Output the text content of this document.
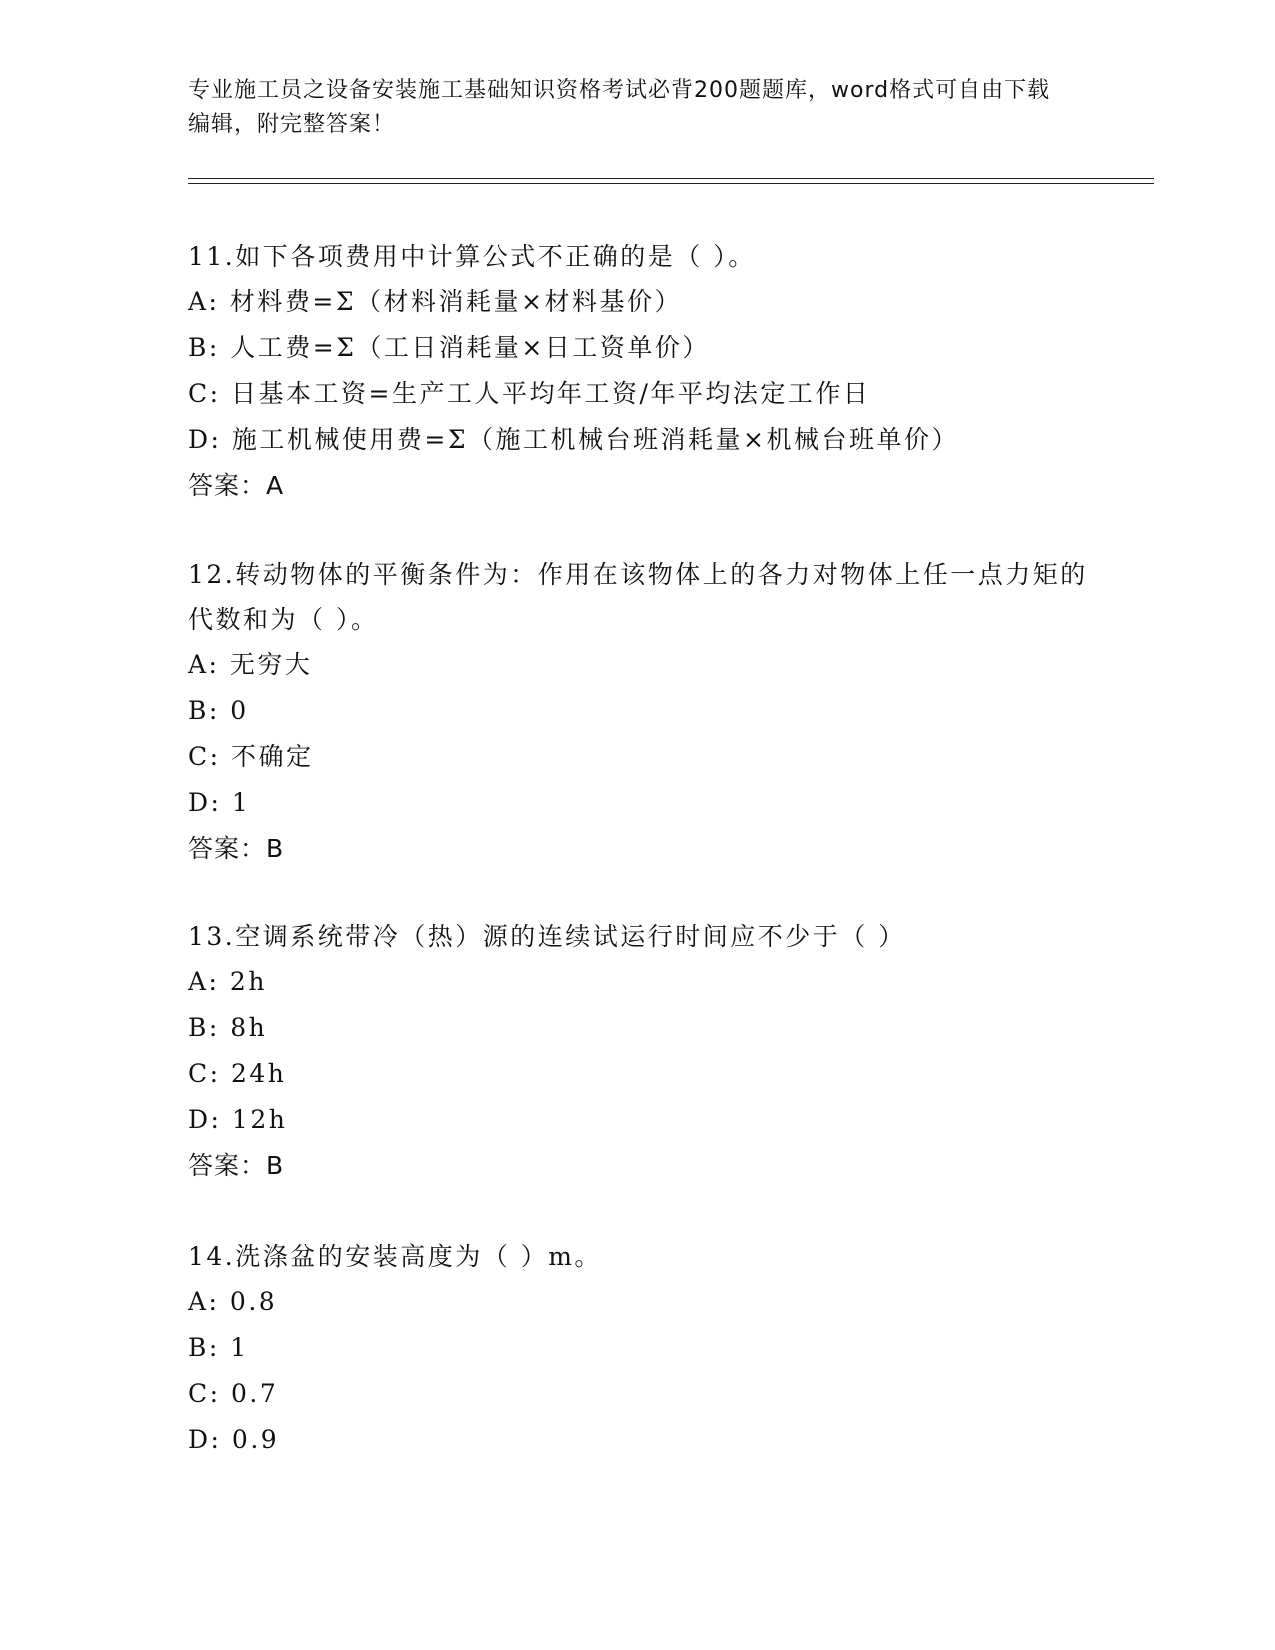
专业施工员之设备安装施工基础知识资格考试必背200题题库，word格式可自由下载编辑，附完整答案！

11.如下各项费用中计算公式不正确的是（ ）。

A: 材料费=Σ（材料消耗量×材料基价）

B: 人工费=Σ（工日消耗量×日工资单价）

C: 日基本工资=生产工人平均年工资/年平均法定工作日

D: 施工机械使用费=Σ（施工机械台班消耗量×机械台班单价）

答案：A

12.转动物体的平衡条件为：作用在该物体上的各力对物体上任一点力矩的代数和为（ ）。

A: 无穷大

B: 0

C: 不确定

D: 1

答案：B

13.空调系统带冷（热）源的连续试运行时间应不少于（ ）

A: 2h

B: 8h

C: 24h

D: 12h

答案：B

14.洗涤盆的安装高度为（ ）m。

A: 0.8

B: 1

C: 0.7

D: 0.9
